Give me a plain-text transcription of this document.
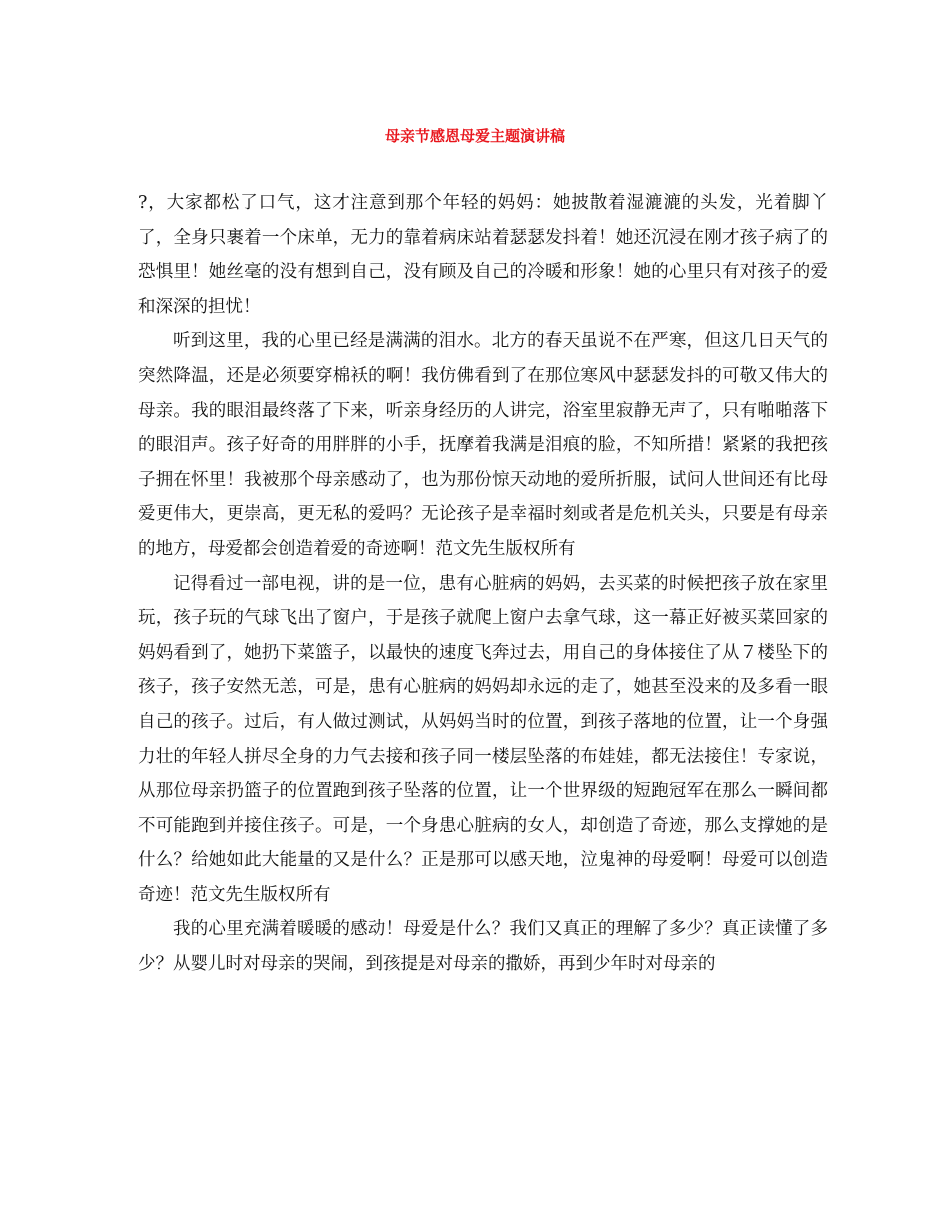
母亲节感恩母爱主题演讲稿

?，大家都松了口气，这才注意到那个年轻的妈妈：她披散着湿漉漉的头发，光着脚丫了，全身只裹着一个床单，无力的靠着病床站着瑟瑟发抖着！她还沉浸在刚才孩子病了的恐惧里！她丝毫的没有想到自己，没有顾及自己的冷暖和形象！她的心里只有对孩子的爱和深深的担忧！

听到这里，我的心里已经是满满的泪水。北方的春天虽说不在严寒，但这几日天气的突然降温，还是必须要穿棉袄的啊！我仿佛看到了在那位寒风中瑟瑟发抖的可敬又伟大的母亲。我的眼泪最终落了下来，听亲身经历的人讲完，浴室里寂静无声了，只有啪啪落下的眼泪声。孩子好奇的用胖胖的小手，抚摩着我满是泪痕的脸，不知所措！紧紧的我把孩子拥在怀里！我被那个母亲感动了，也为那份惊天动地的爱所折服，试问人世间还有比母爱更伟大，更崇高，更无私的爱吗？无论孩子是幸福时刻或者是危机关头，只要是有母亲的地方，母爱都会创造着爱的奇迹啊！范文先生版权所有

记得看过一部电视，讲的是一位，患有心脏病的妈妈，去买菜的时候把孩子放在家里玩，孩子玩的气球飞出了窗户，于是孩子就爬上窗户去拿气球，这一幕正好被买菜回家的妈妈看到了，她扔下菜篮子，以最快的速度飞奔过去，用自己的身体接住了从７楼坠下的孩子，孩子安然无恙，可是，患有心脏病的妈妈却永远的走了，她甚至没来的及多看一眼自己的孩子。过后，有人做过测试，从妈妈当时的位置，到孩子落地的位置，让一个身强力壮的年轻人拼尽全身的力气去接和孩子同一楼层坠落的布娃娃，都无法接住！专家说，从那位母亲扔篮子的位置跑到孩子坠落的位置，让一个世界级的短跑冠军在那么一瞬间都不可能跑到并接住孩子。可是，一个身患心脏病的女人，却创造了奇迹，那么支撑她的是什么？给她如此大能量的又是什么？正是那可以感天地，泣鬼神的母爱啊！母爱可以创造奇迹！范文先生版权所有

我的心里充满着暖暖的感动！母爱是什么？我们又真正的理解了多少？真正读懂了多少？从婴儿时对母亲的哭闹，到孩提是对母亲的撒娇，再到少年时对母亲的
